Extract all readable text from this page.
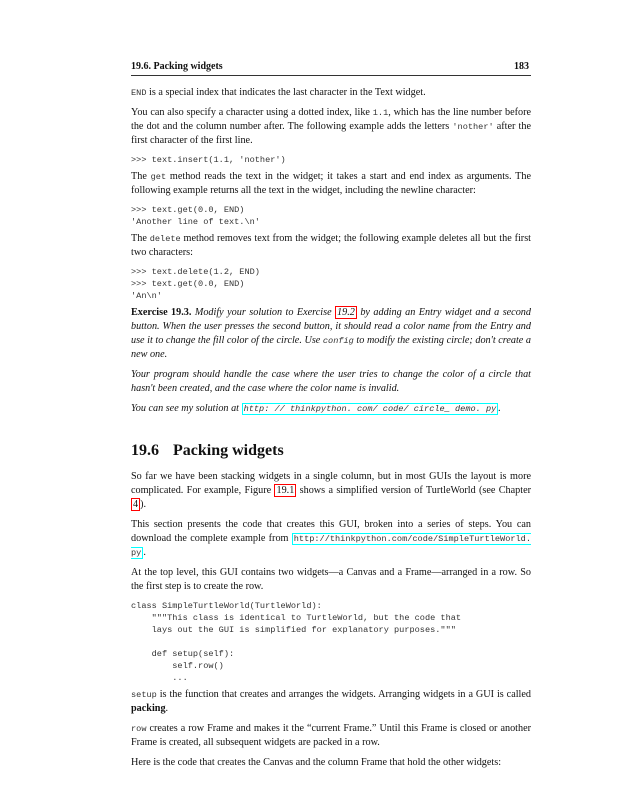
19.6. Packing widgets	183

END is a special index that indicates the last character in the Text widget.

You can also specify a character using a dotted index, like 1.1, which has the line number before the dot and the column number after. The following example adds the letters 'nother' after the first character of the first line.

>>> text.insert(1.1, 'nother')

The get method reads the text in the widget; it takes a start and end index as arguments. The following example returns all the text in the widget, including the newline character:

>>> text.get(0.0, END)
'Another line of text.\n'

The delete method removes text from the widget; the following example deletes all but the first two characters:

>>> text.delete(1.2, END)
>>> text.get(0.0, END)
'An\n'

Exercise 19.3. Modify your solution to Exercise 19.2 by adding an Entry widget and a second button. When the user presses the second button, it should read a color name from the Entry and use it to change the fill color of the circle. Use config to modify the existing circle; don't create a new one.

Your program should handle the case where the user tries to change the color of a circle that hasn't been created, and the case where the color name is invalid.

You can see my solution at http: // thinkpython. com/ code/ circle_ demo. py .

19.6 Packing widgets

So far we have been stacking widgets in a single column, but in most GUIs the layout is more complicated. For example, Figure 19.1 shows a simplified version of TurtleWorld (see Chapter 4 ).

This section presents the code that creates this GUI, broken into a series of steps. You can download the complete example from http://thinkpython.com/code/SimpleTurtleWorld.py .

At the top level, this GUI contains two widgets—a Canvas and a Frame—arranged in a row. So the first step is to create the row.

class SimpleTurtleWorld(TurtleWorld):
"""This class is identical to TurtleWorld, but the code that
lays out the GUI is simplified for explanatory purposes."""

def setup(self):
self.row()
...

setup is the function that creates and arranges the widgets. Arranging widgets in a GUI is called packing.

row creates a row Frame and makes it the “current Frame.” Until this Frame is closed or another Frame is created, all subsequent widgets are packed in a row.

Here is the code that creates the Canvas and the column Frame that hold the other widgets:
